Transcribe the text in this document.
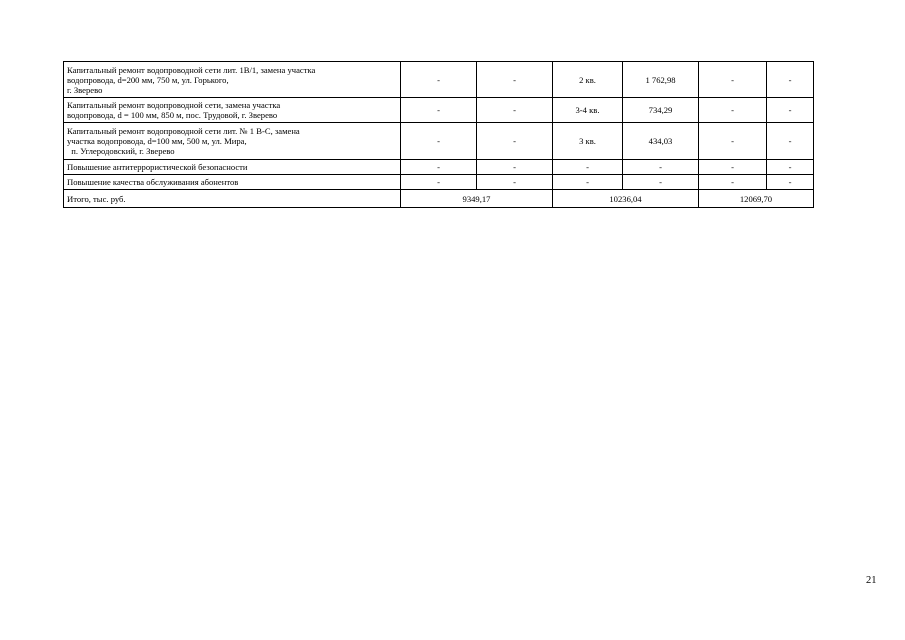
Капитальный ремонт водопроводной сети лит. 1В/1, замена участка
водопровода, d=200 мм, 750 м, ул. Горького,
г. Зверево	-	-	2 кв.	1 762,98	-	-

Капитальный ремонт водопроводной сети, замена участка
водопровода, d = 100 мм, 850 м, пос. Трудовой, г. Зверево	-	-	3-4 кв.	734,29	-	-

Капитальный ремонт водопроводной сети лит. № 1 В-С, замена
участка водопровода, d=100 мм, 500 м, ул. Мира,
п. Углеродовский, г. Зверево	-	-	3 кв.	434,03	-	-

Повышение антитеррористической безопасности	-	-	-	-	-	-

Повышение качества обслуживания абонентов	-	-	-	-	-	-
Итого, тыс. руб.	9349,17		10236,04		12069,70	
21
